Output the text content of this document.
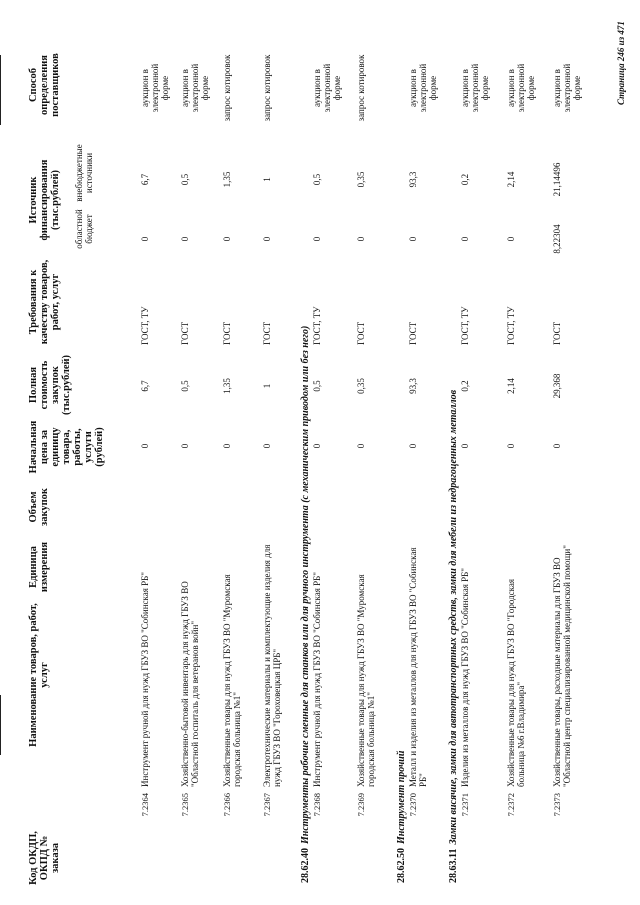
Код ОКДП, ОКПД № заказа
Наименование товаров, работ, услуг
Единица измерения
Объем закупок
Начальная цена за единицу товара, работы, услуги (рублей)
Полная стоимость закупок (тыс.рублей)
Требования к качеству товаров, работ, услуг
Источник финансирования (тыс.рублей) областной бюджет
внебюджетные источники
Способ определения поставщиков
7.2364
Инструмент ручной для нужд ГБУЗ ВО "Собинская РБ"
0
6,7
ГОСТ, ТУ
0
6,7
аукцион в электронной форме
7.2365
Хозяйственно-бытовой инвентарь для нужд ГБУЗ ВО "Областной госпиталь для ветеранов войн"
0
0,5
ГОСТ
0
0,5
аукцион в электронной форме
7.2366
Хозяйственные товары для нужд ГБУЗ ВО "Муромская городская больница №1"
0
1,35
ГОСТ
0
1,35
запрос котировок
7.2367
Электротехнические материалы и комплектующие изделия для нужд ГБУЗ ВО "Гороховецкая ЦРБ"
0
1
ГОСТ
0
1
запрос котировок
28.62.40Инструменты рабочие сменные для станков или для ручного инструмента (с механическим приводом или без него) 7.2368
Инструмент ручной для нужд ГБУЗ ВО "Собинская РБ"
0
0,5
ГОСТ, ТУ
0
0,5
аукцион в электронной форме
7.2369
Хозяйственные товары для нужд ГБУЗ ВО "Муромская городская больница №1"
0
0,35
ГОСТ
0
0,35
запрос котировок
28.62.50Инструмент прочий 7.2370
Металл и изделия из металлов для нужд ГБУЗ ВО "Собинская РБ"
0
93,3
ГОСТ
0
93,3
аукцион в электронной форме
28.63.11Замки висячие, замки для автотранспортных средств, замки для мебели из недрагоценных металлов 7.2371
Изделия из металлов для нужд ГБУЗ ВО "Собинская РБ"
0
0,2
ГОСТ, ТУ
0
0,2
аукцион в электронной форме
7.2372
Хозяйственные товары для нужд ГБУЗ ВО "Городская больница №6 г.Владимира"
0
2,14
ГОСТ, ТУ
0
2,14
аукцион в электронной форме
7.2373
Хозяйственные товары, расходные материалы для ГБУЗ ВО "Областной центр специализированной медицинской помощи"
0
29,368
ГОСТ
8,22304
21,14496
аукцион в электронной форме	Страница 246 из 471
